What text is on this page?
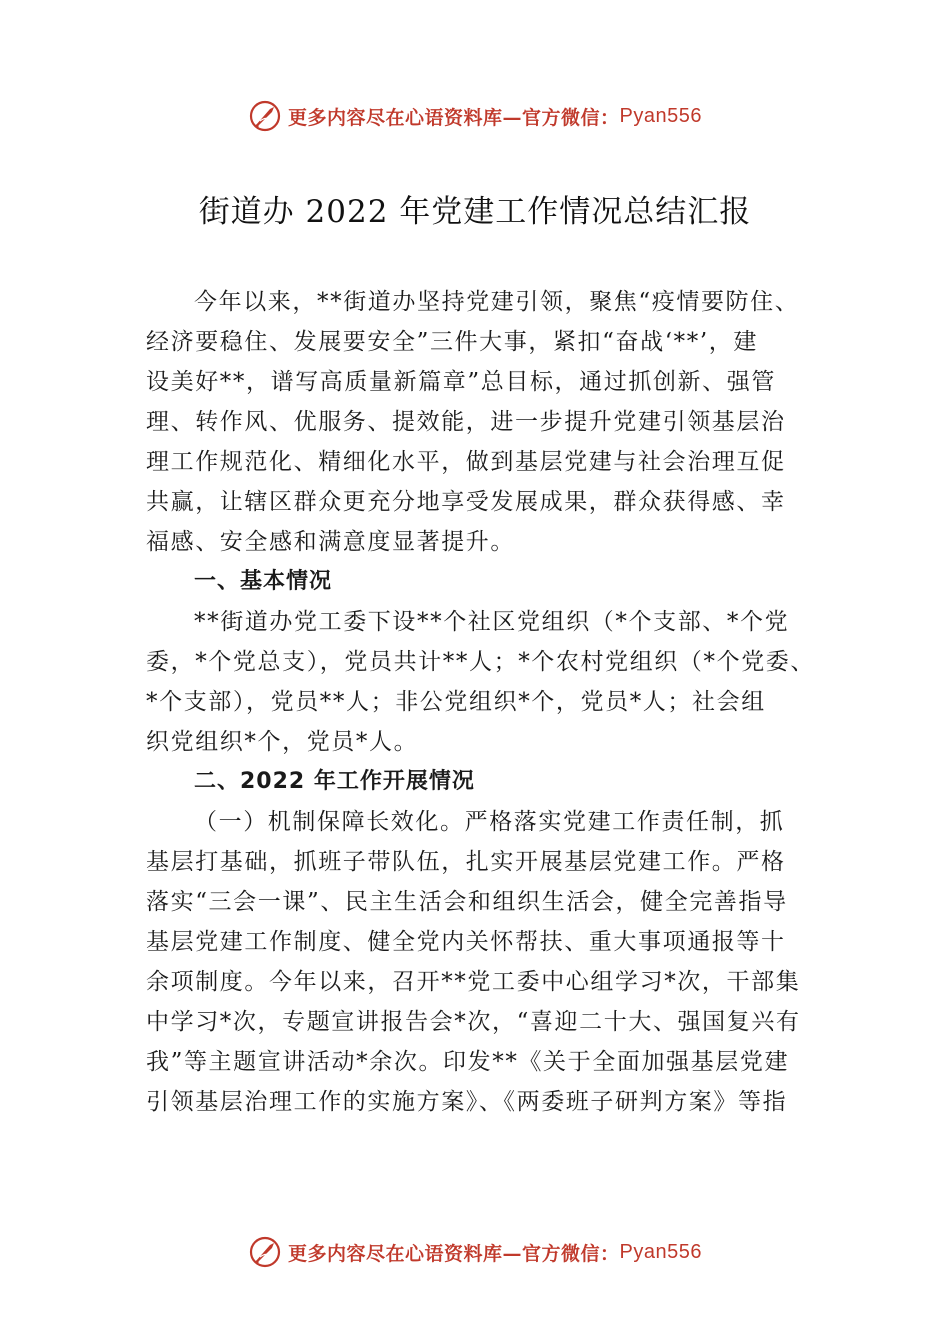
更多内容尽在心语资料库—官方微信： Pyan556
街道办 2022 年党建工作情况总结汇报
今年以来，**街道办坚持党建引领，聚焦“疫情要防住、
经济要稳住、发展要安全”三件大事，紧扣“奋战‘**’，建
设美好**，谱写高质量新篇章”总目标，通过抓创新、强管
理、转作风、优服务、提效能，进一步提升党建引领基层治
理工作规范化、精细化水平，做到基层党建与社会治理互促
共赢，让辖区群众更充分地享受发展成果，群众获得感、幸
福感、安全感和满意度显著提升。
一、基本情况
**街道办党工委下设**个社区党组织（*个支部、*个党
委，*个党总支），党员共计**人；*个农村党组织（*个党委、
*个支部），党员**人；非公党组织*个，党员*人；社会组
织党组织*个，党员*人。
二、2022 年工作开展情况
（一）机制保障长效化。严格落实党建工作责任制，抓
基层打基础，抓班子带队伍，扎实开展基层党建工作。严格
落实“三会一课”、民主生活会和组织生活会，健全完善指导
基层党建工作制度、健全党内关怀帮扶、重大事项通报等十
余项制度。今年以来，召开**党工委中心组学习*次，干部集
中学习*次，专题宣讲报告会*次，“喜迎二十大、强国复兴有
我”等主题宣讲活动*余次。印发**《关于全面加强基层党建
引领基层治理工作的实施方案》、《两委班子研判方案》等指
更多内容尽在心语资料库—官方微信： Pyan556
